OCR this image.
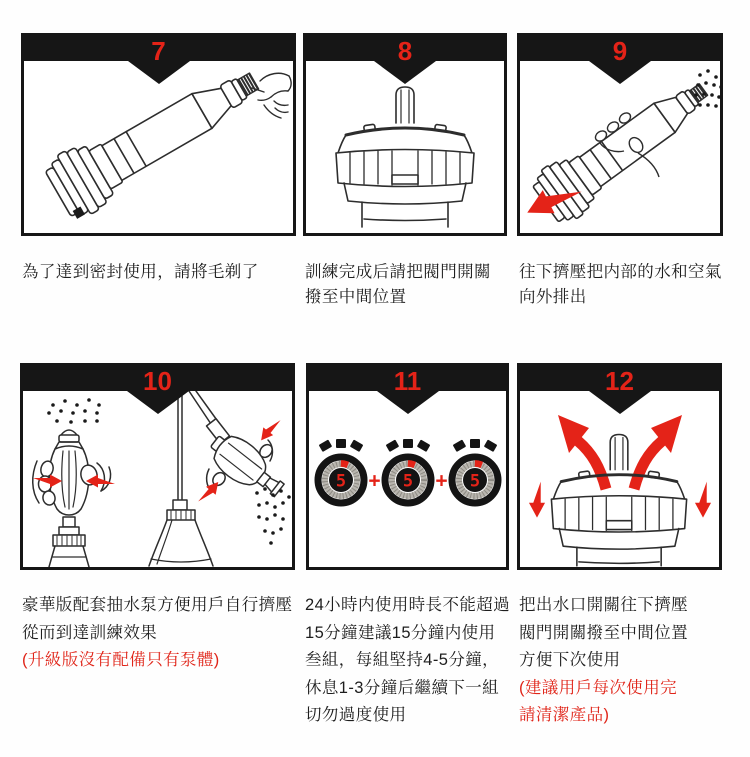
7	8	9
10	11
5 + 5 + 5
12
為了達到密封使用，請將毛剃了	訓練完成后請把閥門開關
撥至中間位置
往下擠壓把内部的水和空氣
向外排出
豪華版配套抽水泵方便用戶自行擠壓
從而到達訓練效果
(升級版沒有配備只有泵體)
24小時内使用時長不能超過
15分鐘建議15分鐘内使用
叁組，每組堅持4-5分鐘，
休息1-3分鐘后繼續下一組
切勿過度使用
把出水口開關往下擠壓
閥門開關撥至中間位置
方便下次使用
(建議用戶每次使用完
請清潔產品)
